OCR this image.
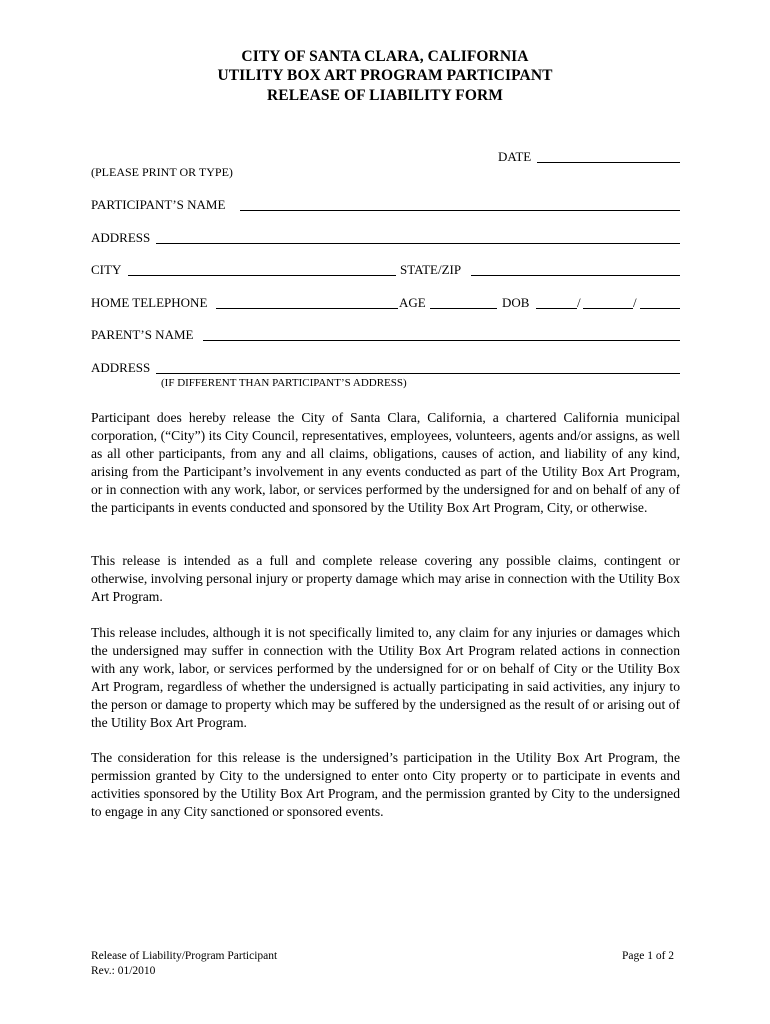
CITY OF SANTA CLARA, CALIFORNIA
UTILITY BOX ART PROGRAM PARTICIPANT
RELEASE OF LIABILITY FORM
DATE
(PLEASE PRINT OR TYPE)
PARTICIPANT’S NAME
ADDRESS
CITY	STATE/ZIP
HOME TELEPHONE	AGE	DOB	/	/
PARENT’S NAME
ADDRESS
(IF DIFFERENT THAN PARTICIPANT’S ADDRESS)
Participant does hereby release the City of Santa Clara, California, a chartered California municipal corporation, (“City”) its City Council, representatives, employees, volunteers, agents and/or assigns, as well as all other participants, from any and all claims, obligations, causes of action, and liability of any kind, arising from the Participant’s involvement in any events conducted as part of the Utility Box Art Program, or in connection with any work, labor, or services performed by the undersigned for and on behalf of any of the participants in events conducted and sponsored by the Utility Box Art Program, City, or otherwise.
This release is intended as a full and complete release covering any possible claims, contingent or otherwise, involving personal injury or property damage which may arise in connection with the Utility Box Art Program.
This release includes, although it is not specifically limited to, any claim for any injuries or damages which the undersigned may suffer in connection with the Utility Box Art Program related actions in connection with any work, labor, or services performed by the undersigned for or on behalf of City or the Utility Box Art Program, regardless of whether the undersigned is actually participating in said activities, any injury to the person or damage to property which may be suffered by the undersigned as the result of or arising out of the Utility Box Art Program.
The consideration for this release is the undersigned’s participation in the Utility Box Art Program, the permission granted by City to the undersigned to enter onto City property or to participate in events and activities sponsored by the Utility Box Art Program, and the permission granted by City to the undersigned to engage in any City sanctioned or sponsored events.
Release of Liability/Program Participant
Rev.: 01/2010
Page 1 of 2
